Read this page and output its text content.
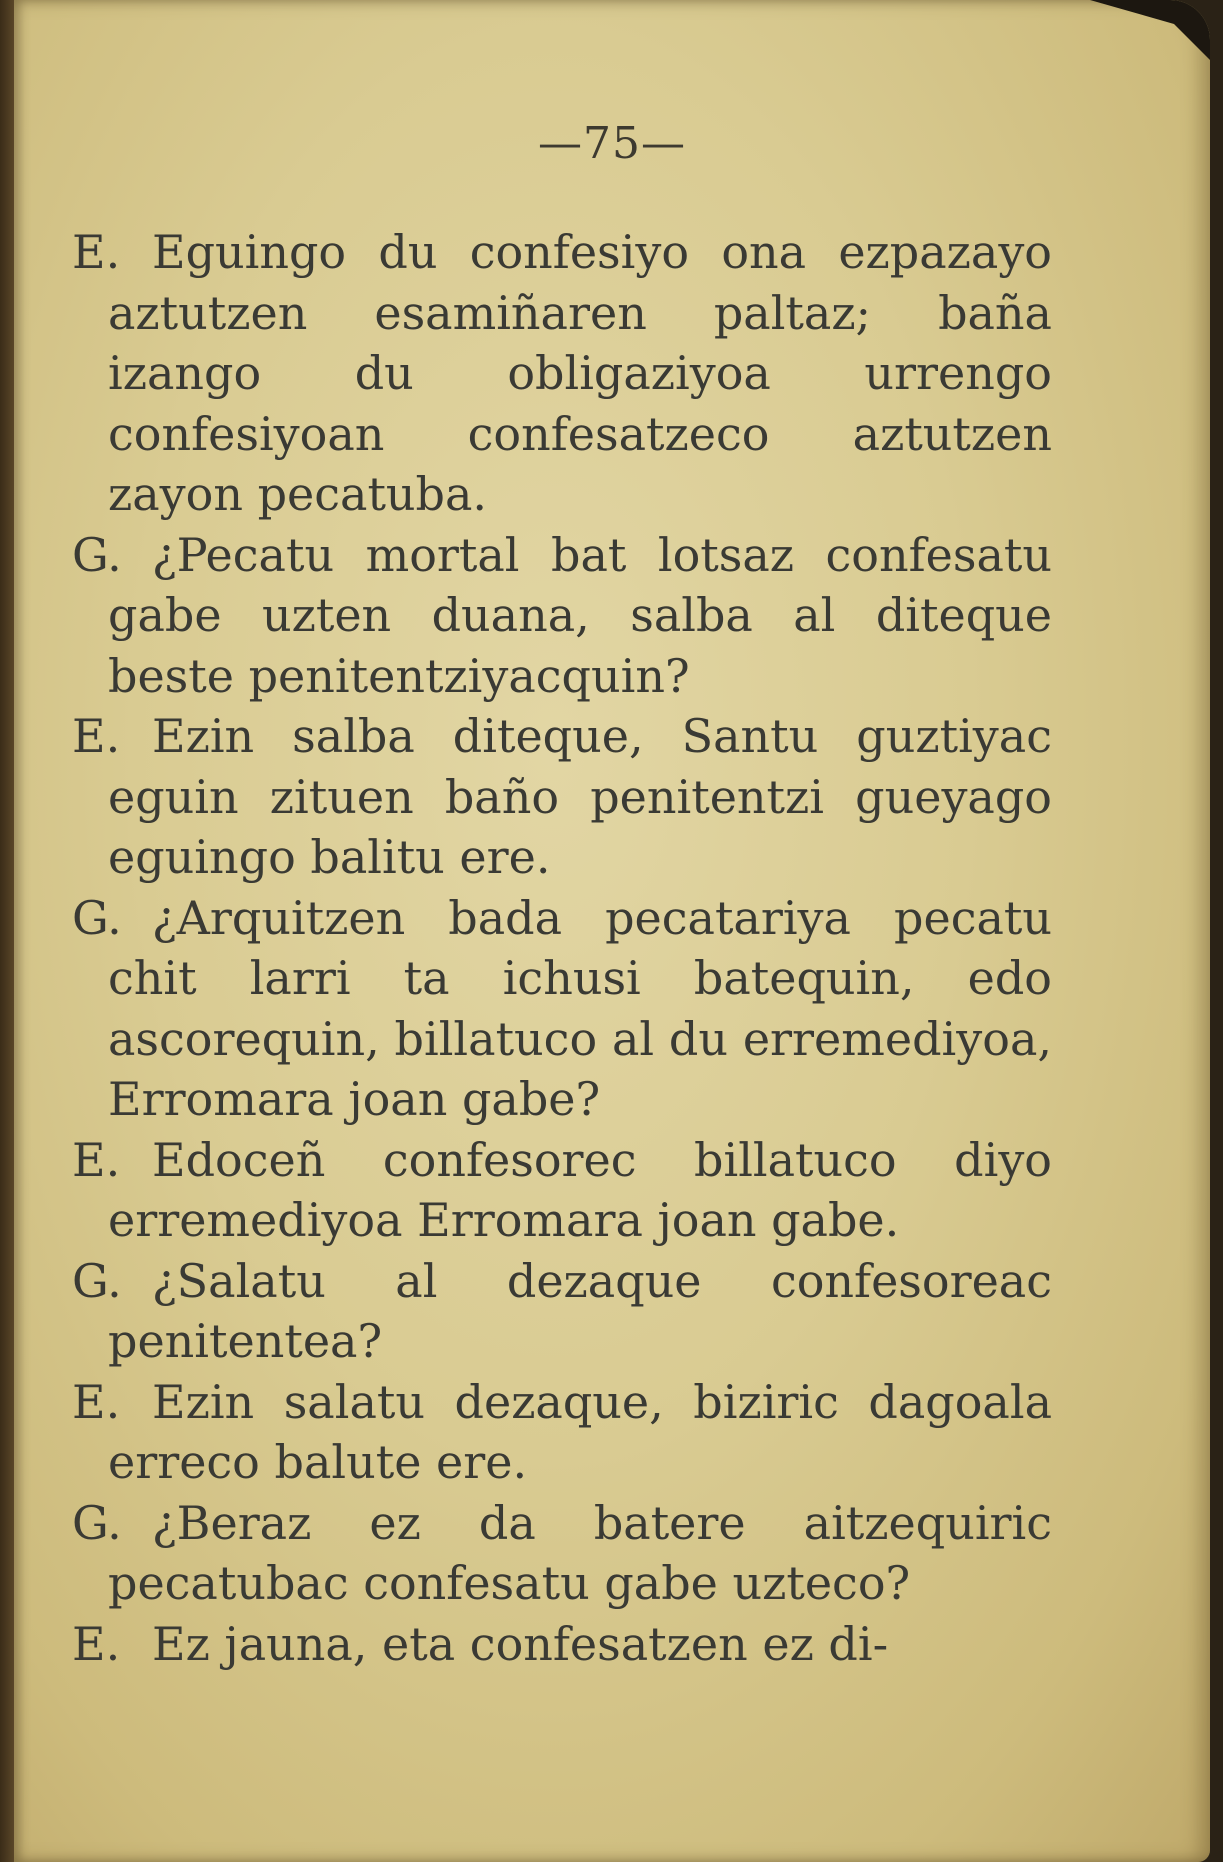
—75—

E. Eguingo du confesiyo ona ezpazayo aztutzen esamiñaren paltaz; baña izango du obligaziyoa urrengo confesiyoan confesatzeco aztutzen zayon pecatuba.

G. ¿Pecatu mortal bat lotsaz confesatu gabe uzten duana, salba al diteque beste penitentziyacquin?

E. Ezin salba diteque, Santu guztiyac eguin zituen baño penitentzi gueyago eguingo balitu ere.

G. ¿Arquitzen bada pecatariya pecatu chit larri ta ichusi batequin, edo ascorequin, billatuco al du erremediyoa, Erromara joan gabe?

E. Edoceñ confesorec billatuco diyo erremediyoa Erromara joan gabe.

G. ¿Salatu al dezaque confesoreac penitentea?

E. Ezin salatu dezaque, biziric dagoala erreco balute ere.

G. ¿Beraz ez da batere aitzequiric pecatubac confesatu gabe uzteco?

E. Ez jauna, eta confesatzen ez di-
